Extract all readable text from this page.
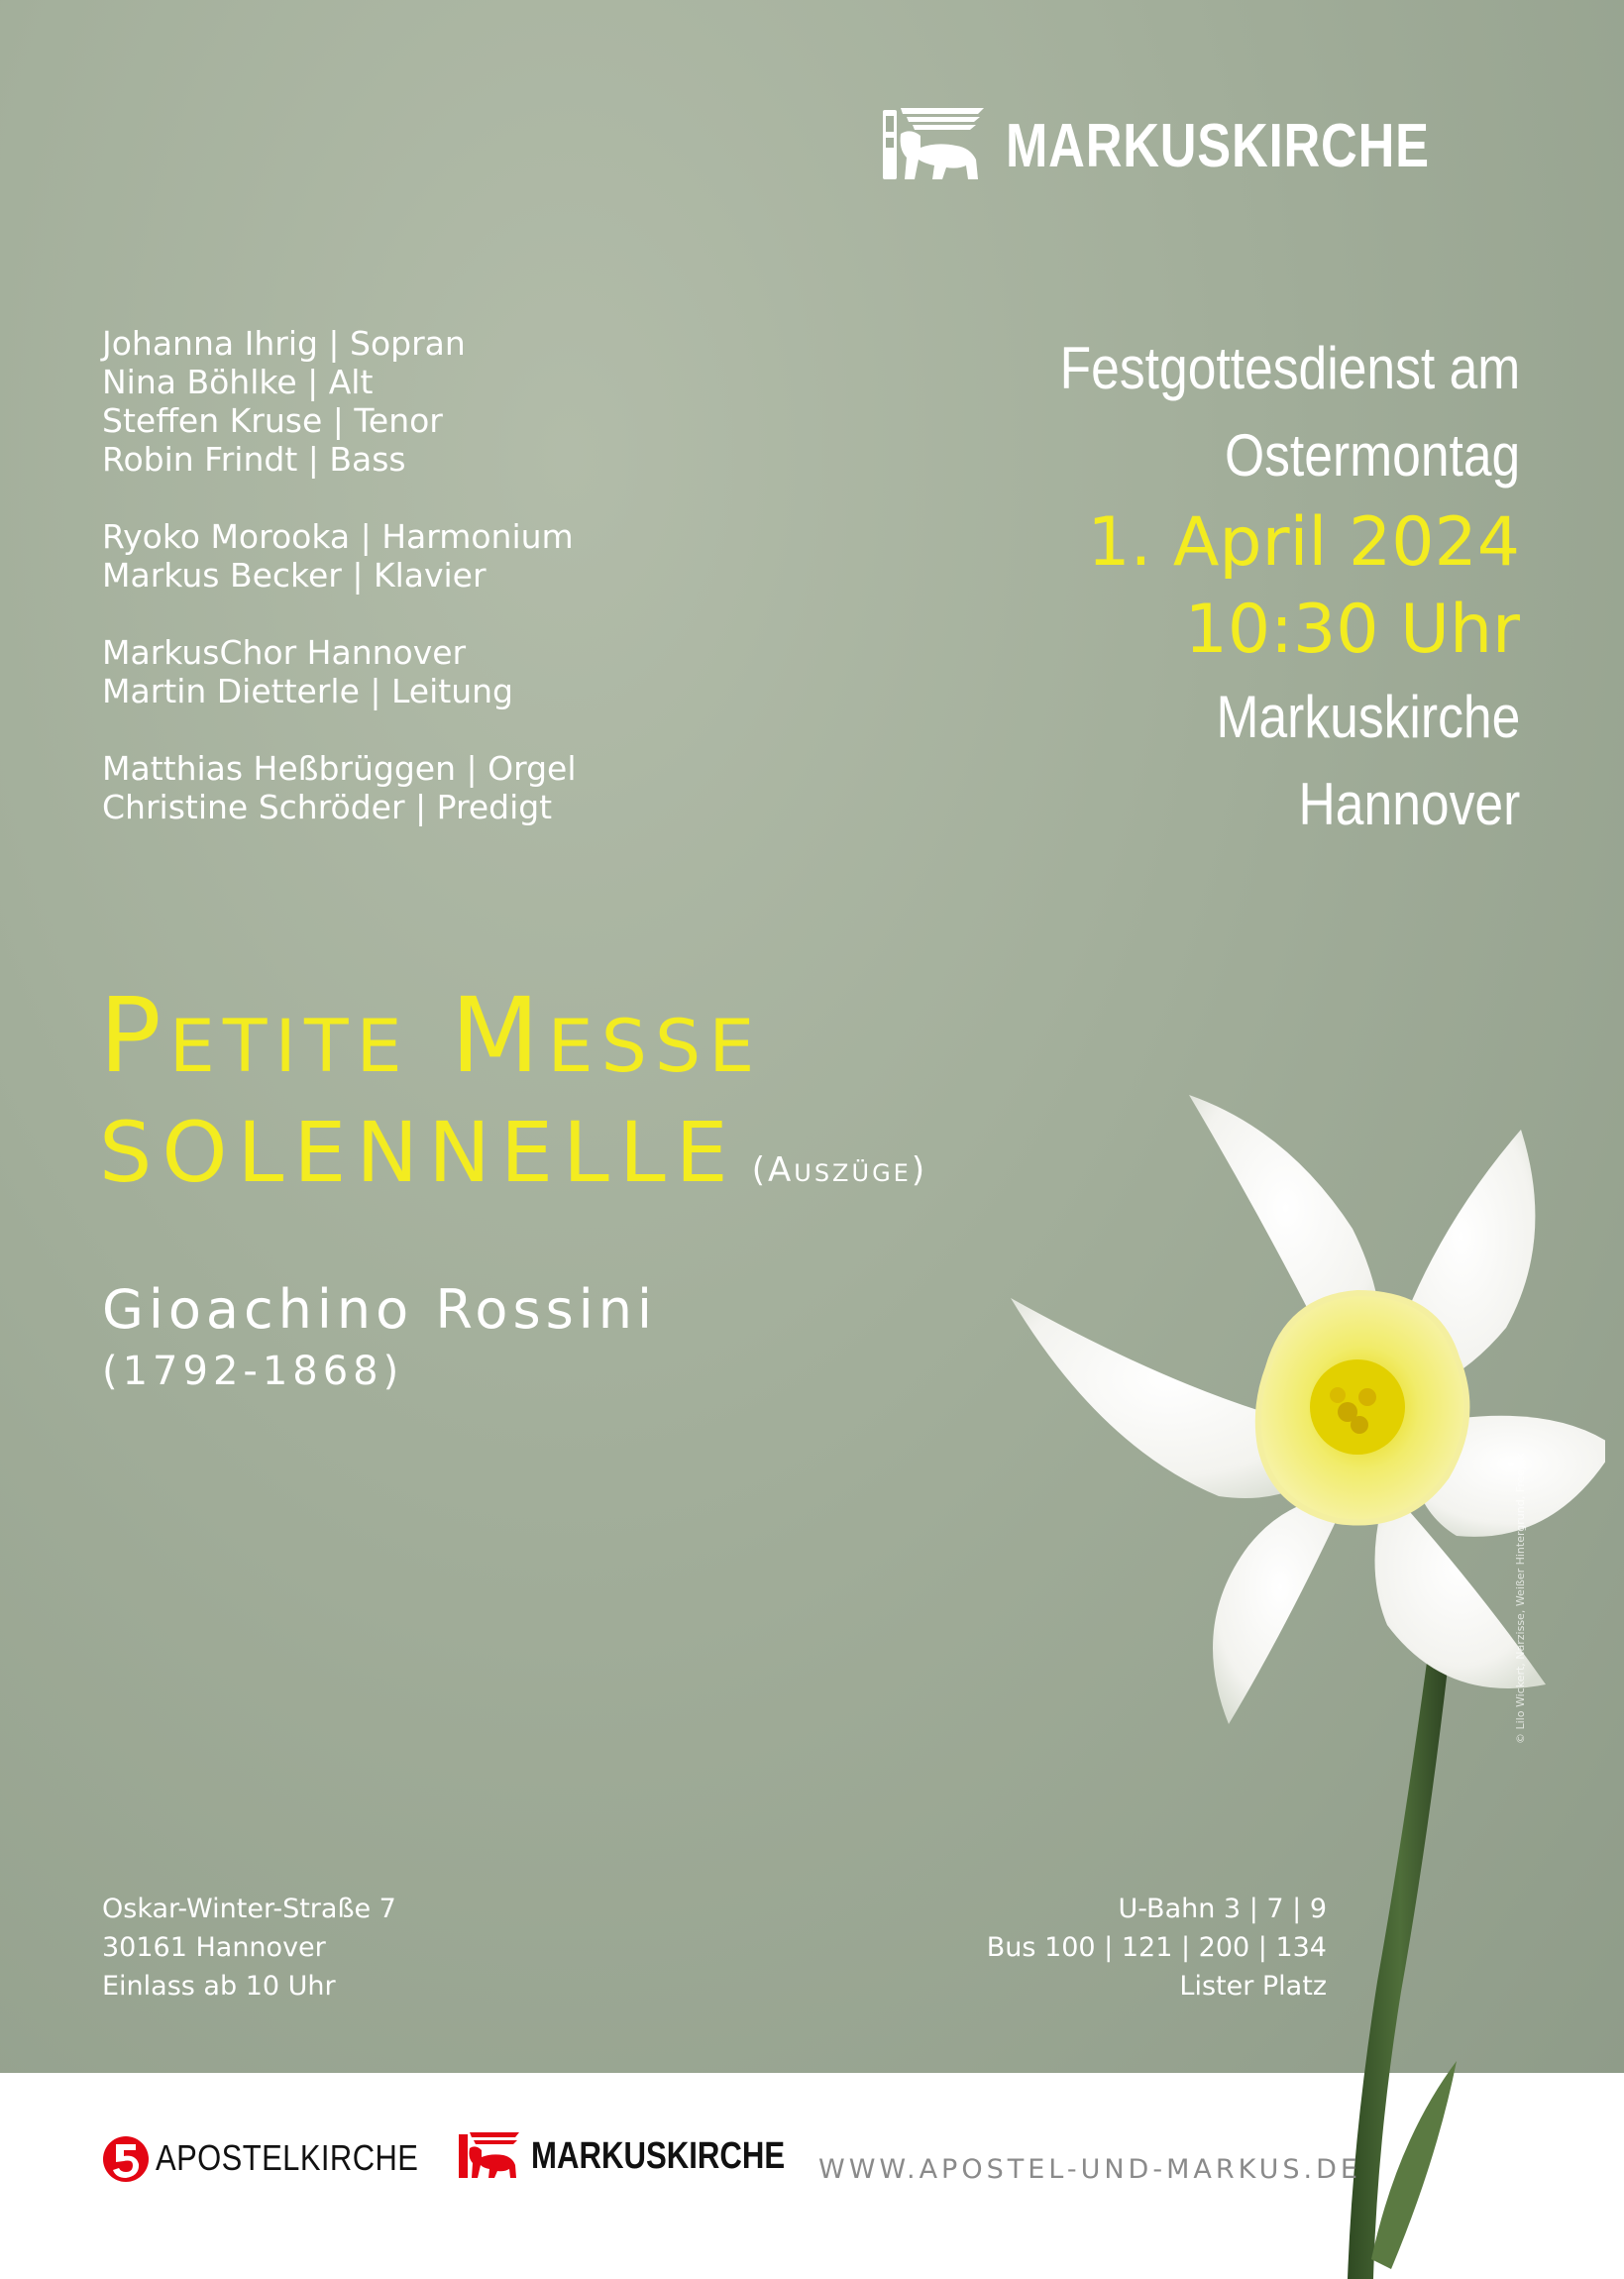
MARKUSKIRCHE
Johanna Ihrig | Sopran
Nina Böhlke | Alt
Steffen Kruse | Tenor
Robin Frindt | Bass
Ryoko Morooka | Harmonium
Markus Becker | Klavier
MarkusChor Hannover
Martin Dietterle | Leitung
Matthias Heßbrüggen | Orgel
Christine Schröder | Predigt
Festgottesdienst am
Ostermontag
1. April 2024
10:30 Uhr
Markuskirche
Hannover
Petite Messe
SOLENNELLE (Auszüge)
Gioachino Rossini
(1792-1868)
© Lilo Wickert, Narzisse, Weißer Hintergrund, Freepik
Oskar-Winter-Straße 7
30161 Hannover
Einlass ab 10 Uhr
U-Bahn 3 | 7 | 9
Bus 100 | 121 | 200 | 134
Lister Platz
APOSTELKIRCHE	MARKUSKIRCHE WWW.APOSTEL-UND-MARKUS.DE
